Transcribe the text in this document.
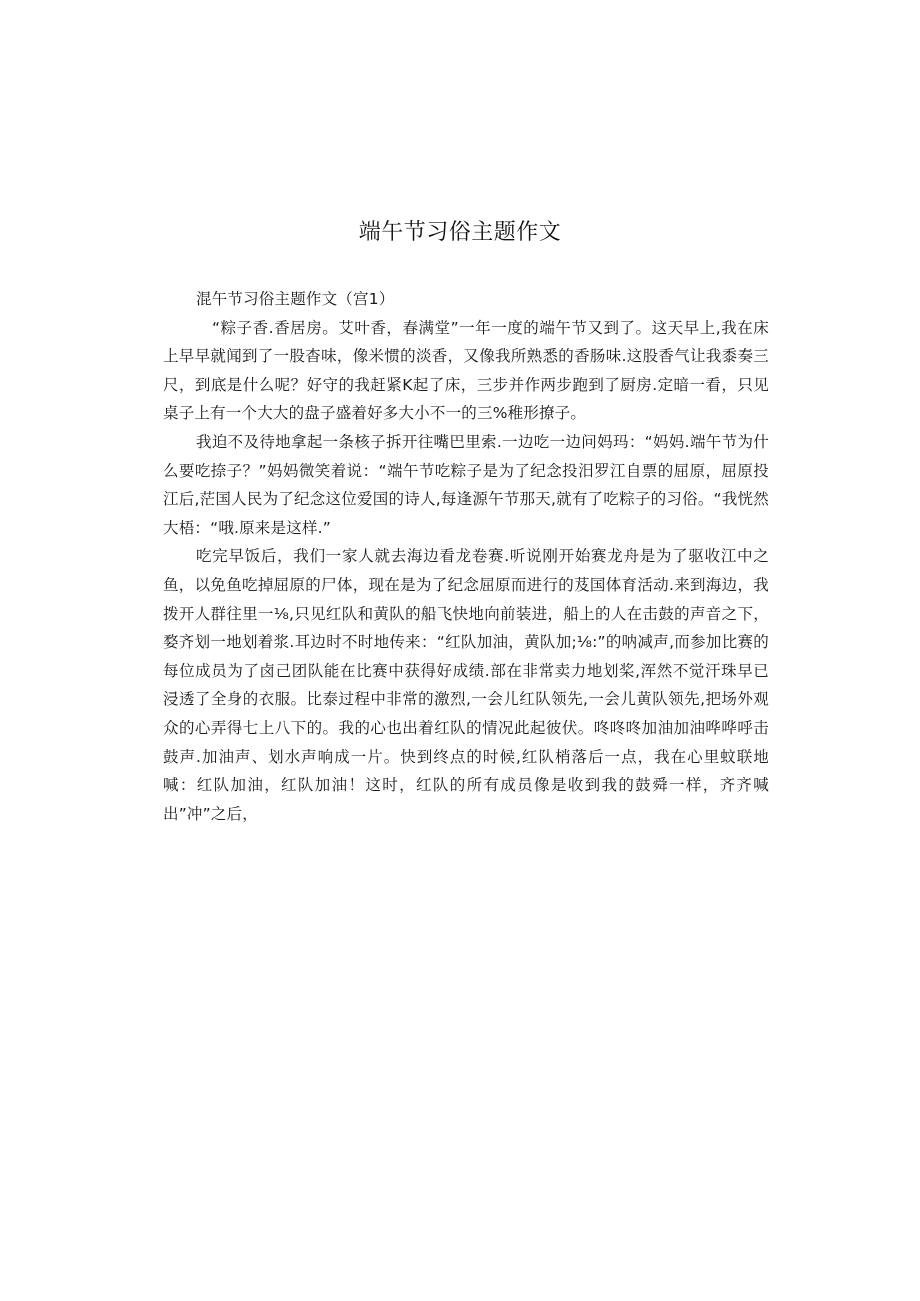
端午节习俗主题作文

混午节习俗主题作文（宫1）

“粽子香.香居房。艾叶香，春满堂”一年一度的端午节又到了。这天早上,我在床上早早就闻到了一股杳味，像米惯的淡香，又像我所熟悉的香肠味.这股香气让我黍奏三尺，到底是什么呢？好守的我赶紧K起了床，三步并作两步跑到了厨房.定暗一看，只见桌子上有一个大大的盘子盛着好多大小不一的三%稚形撩子。

我迫不及待地拿起一条核子拆开往嘴巴里索.一边吃一边问妈玛：“妈妈.端午节为什么要吃捺子？”妈妈微笑着说：“端午节吃粽子是为了纪念投汨罗江自票的屈原，屈原投江后,茫国人民为了纪念这位爱国的诗人,每逢源午节那天,就有了吃粽子的习俗。“我恍然大梧：“哦.原来是这样.”

吃完早饭后，我们一家人就去海边看龙卷赛.听说刚开始赛龙舟是为了驱收江中之鱼，以免鱼吃掉屈原的尸体，现在是为了纪念屈原而进行的芨国体育活动.来到海边，我拨开人群往里一⅛,只见红队和黄队的船飞快地向前装进，船上的人在击鼓的声音之下，婺齐划一地划着浆.耳边时不时地传来：“红队加油，黄队加;⅛:”的呐减声,而参加比赛的每位成员为了卤己团队能在比赛中获得好成绩.部在非常卖力地划桨,浑然不觉汗珠早已浸透了全身的衣服。比泰过程中非常的激烈,一会儿红队领先,一会儿黄队领先,把场外观众的心弄得七上八下的。我的心也出着红队的情况此起彼伏。咚咚咚加油加油哗哗呼击鼓声.加油声、划水声响成一片。快到终点的时候,红队梢落后一点，我在心里蚊联地喊：红队加油，红队加油！这时，红队的所有成员像是收到我的鼓舜一样，齐齐喊出”冲”之后，
